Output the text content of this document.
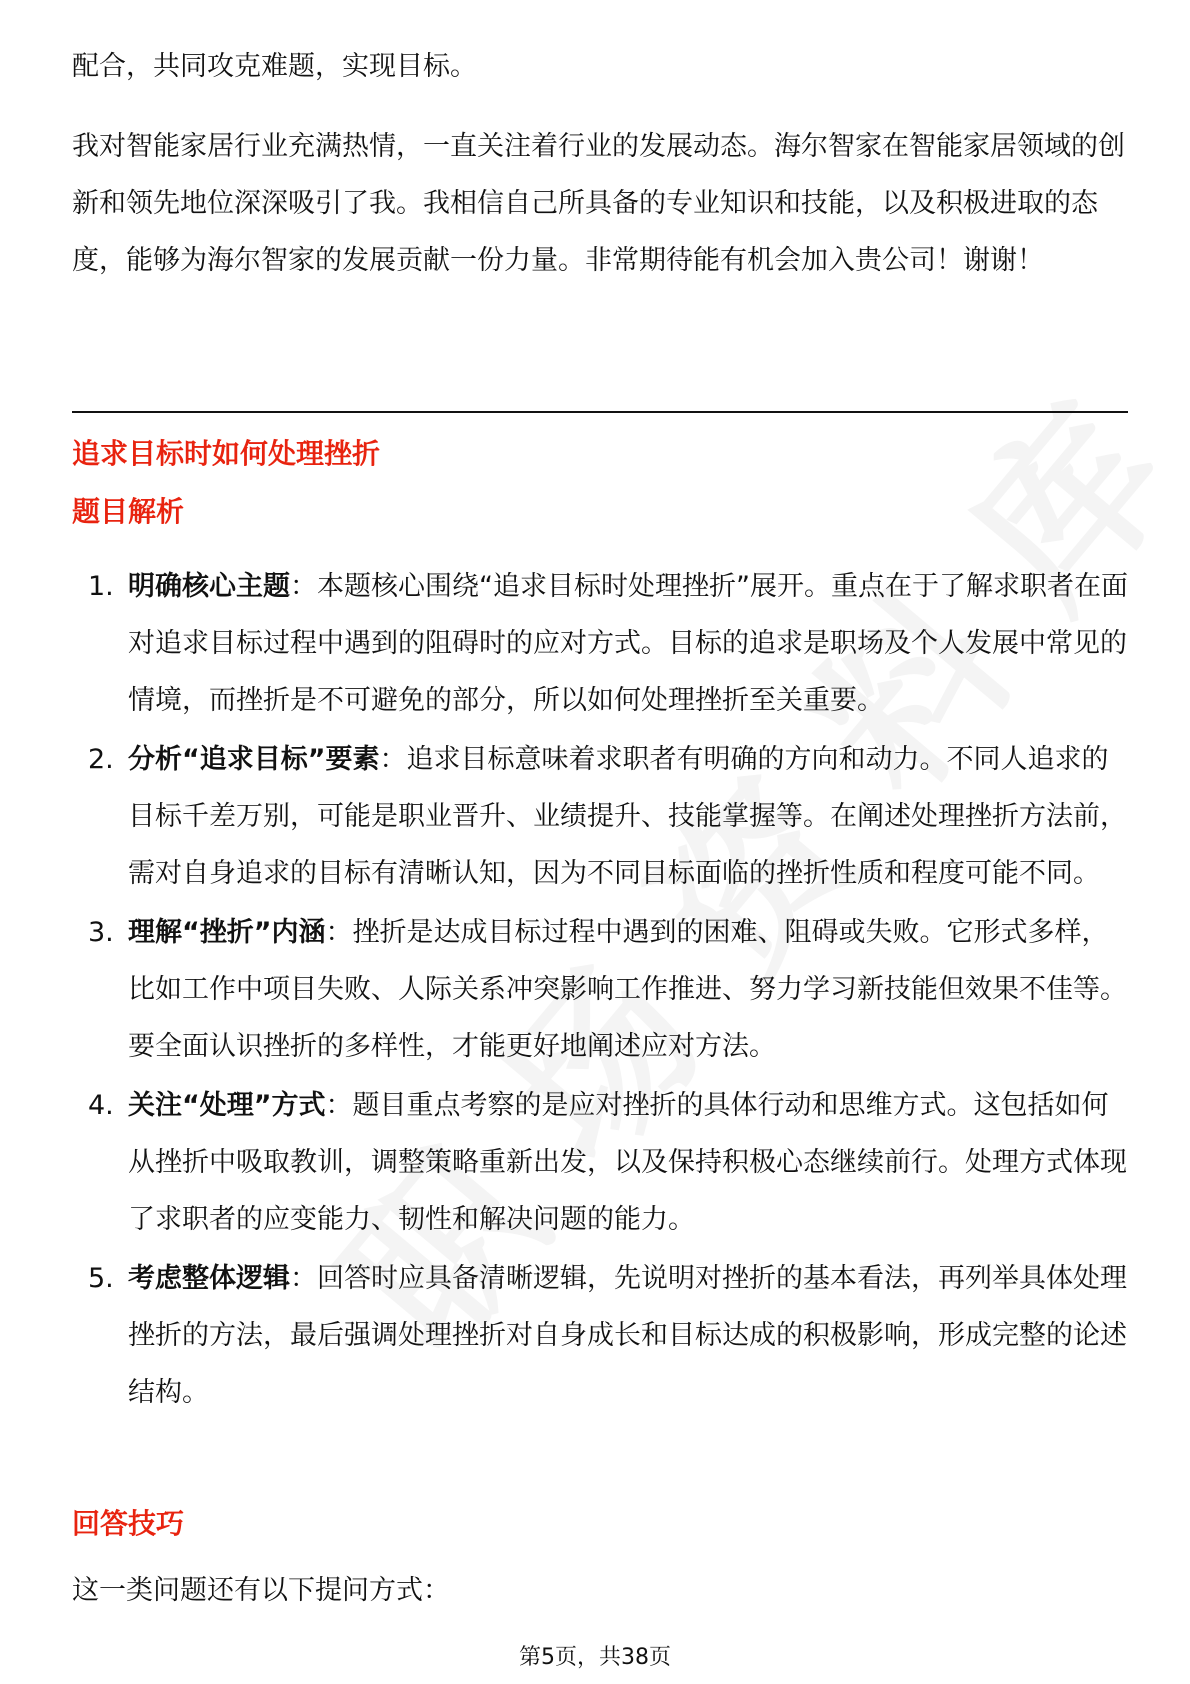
配合，共同攻克难题，实现目标。

我对智能家居行业充满热情，一直关注着行业的发展动态。海尔智家在智能家居领域的创新和领先地位深深吸引了我。我相信自己所具备的专业知识和技能，以及积极进取的态度，能够为海尔智家的发展贡献一份力量。非常期待能有机会加入贵公司！谢谢！

追求目标时如何处理挫折
题目解析
1. 明确核心主题：本题核心围绕“追求目标时处理挫折”展开。重点在于了解求职者在面对追求目标过程中遇到的阻碍时的应对方式。目标的追求是职场及个人发展中常见的情境，而挫折是不可避免的部分，所以如何处理挫折至关重要。
2. 分析“追求目标”要素：追求目标意味着求职者有明确的方向和动力。不同人追求的目标千差万别，可能是职业晋升、业绩提升、技能掌握等。在阐述处理挫折方法前，需对自身追求的目标有清晰认知，因为不同目标面临的挫折性质和程度可能不同。
3. 理解“挫折”内涵：挫折是达成目标过程中遇到的困难、阻碍或失败。它形式多样，比如工作中项目失败、人际关系冲突影响工作推进、努力学习新技能但效果不佳等。要全面认识挫折的多样性，才能更好地阐述应对方法。
4. 关注“处理”方式：题目重点考察的是应对挫折的具体行动和思维方式。这包括如何从挫折中吸取教训，调整策略重新出发，以及保持积极心态继续前行。处理方式体现了求职者的应变能力、韧性和解决问题的能力。
5. 考虑整体逻辑：回答时应具备清晰逻辑，先说明对挫折的基本看法，再列举具体处理挫折的方法，最后强调处理挫折对自身成长和目标达成的积极影响，形成完整的论述结构。
回答技巧

这一类问题还有以下提问方式：

第5页，共38页
